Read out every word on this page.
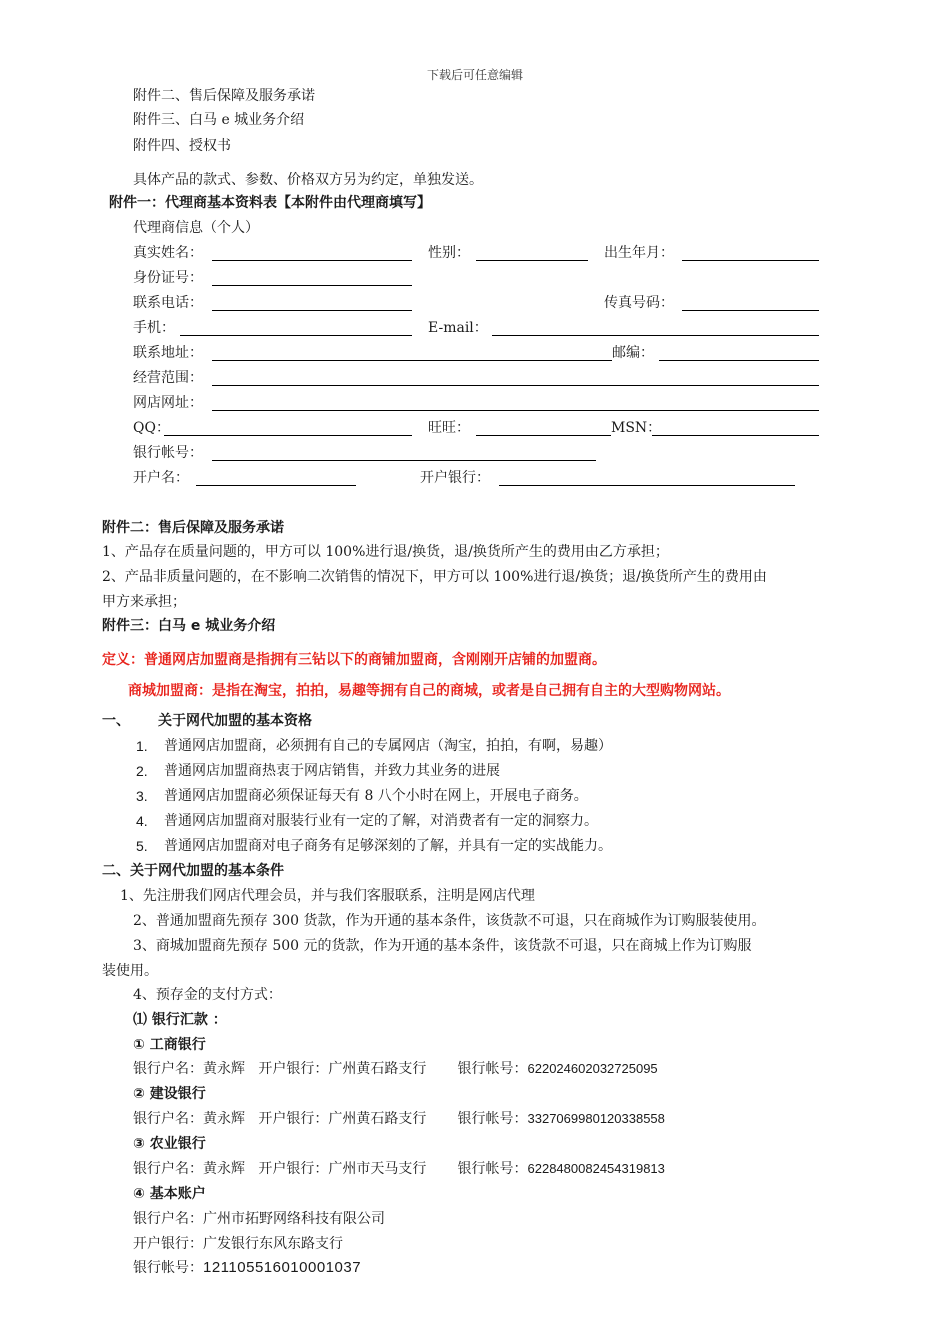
下载后可任意编辑
附件二、售后保障及服务承诺
附件三、白马 e 城业务介绍
附件四、授权书
具体产品的款式、参数、价格双方另为约定，单独发送。
附件一：代理商基本资料表【本附件由代理商填写】
代理商信息（个人）
真实姓名：	性别：	出生年月：
身份证号：
联系电话：	传真号码：
手机：	E-mail：
联系地址：	邮编：
经营范围：
网店网址：
QQ：	旺旺：	MSN：
银行帐号：
开户名：	开户银行：
附件二：售后保障及服务承诺
1、产品存在质量问题的，甲方可以 100%进行退/换货，退/换货所产生的费用由乙方承担；
2、产品非质量问题的，在不影响二次销售的情况下，甲方可以 100%进行退/换货；退/换货所产生的费用由
甲方来承担；
附件三：白马 e 城业务介绍
定义：普通网店加盟商是指拥有三钻以下的商铺加盟商，含刚刚开店铺的加盟商。
商城加盟商：是指在淘宝，拍拍，易趣等拥有自己的商城，或者是自己拥有自主的大型购物网站。
一、 关于网代加盟的基本资格
1. 普通网店加盟商，必须拥有自己的专属网店（淘宝，拍拍，有啊，易趣）
2. 普通网店加盟商热衷于网店销售，并致力其业务的进展
3. 普通网店加盟商必须保证每天有 8 八个小时在网上，开展电子商务。
4. 普通网店加盟商对服装行业有一定的了解，对消费者有一定的洞察力。
5. 普通网店加盟商对电子商务有足够深刻的了解，并具有一定的实战能力。
二、关于网代加盟的基本条件
1、先注册我们网店代理会员，并与我们客服联系，注明是网店代理
2、普通加盟商先预存 300 货款，作为开通的基本条件，该货款不可退，只在商城作为订购服装使用。
3、商城加盟商先预存 500 元的货款，作为开通的基本条件，该货款不可退，只在商城上作为订购服
装使用。
4、预存金的支付方式：
⑴ 银行汇款 ：
① 工商银行
银行户名：黄永辉   开户银行：广州黄石路支行       银行帐号：622024602032725095
② 建设银行
银行户名：黄永辉   开户银行：广州黄石路支行       银行帐号：3327069980120338558
③ 农业银行
银行户名：黄永辉   开户银行：广州市天马支行       银行帐号：6228480082454319813
④ 基本账户
银行户名：广州市拓野网络科技有限公司
开户银行：广发银行东风东路支行
银行帐号：121105516010001037
